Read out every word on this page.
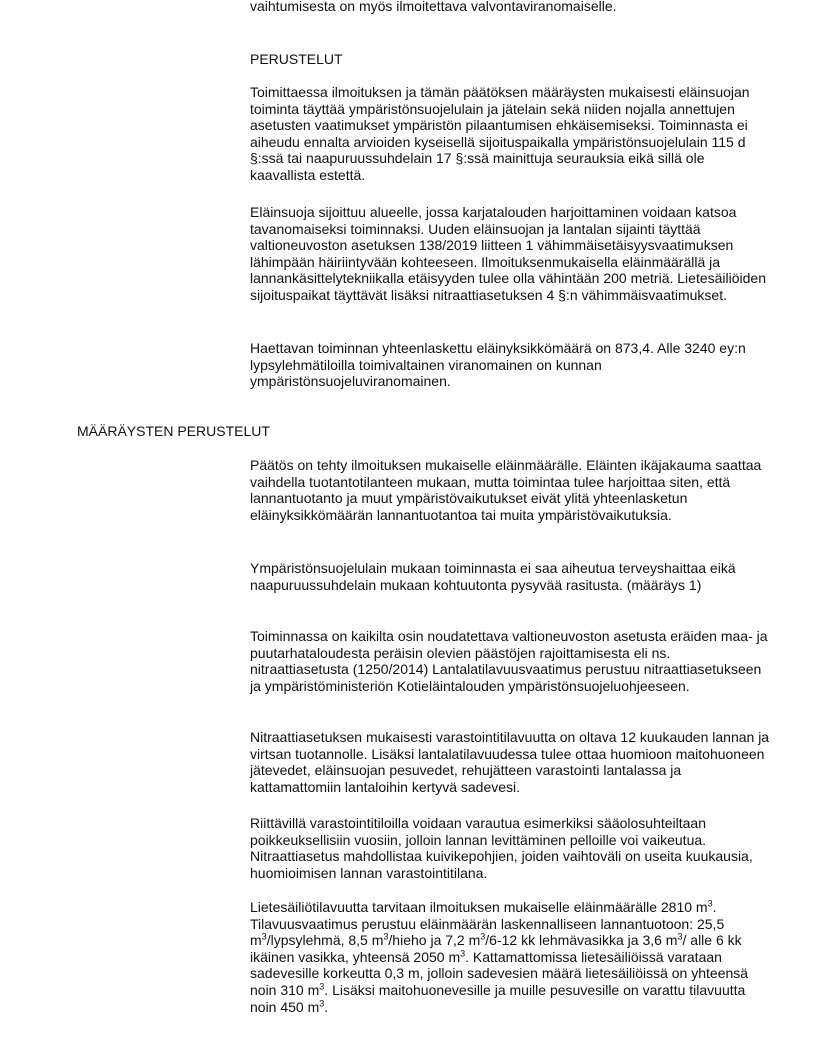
vaihtumisesta on myös ilmoitettava valvontaviranomaiselle.
PERUSTELUT

Toimittaessa ilmoituksen ja tämän päätöksen määräysten mukaisesti eläinsuojan toiminta täyttää ympäristönsuojelulain ja jätelain sekä niiden nojalla annettujen asetusten vaatimukset ympäristön pilaantumisen ehkäisemiseksi. Toiminnasta ei aiheudu ennalta arvioiden kyseisellä sijoituspaikalla ympäristönsuojelulain 115 d §:ssä tai naapuruussuhdelain 17 §:ssä mainittuja seurauksia eikä sillä ole kaavallista estettä.

Eläinsuoja sijoittuu alueelle, jossa karjatalouden harjoittaminen voidaan katsoa tavanomaiseksi toiminnaksi. Uuden eläinsuojan ja lantalan sijainti täyttää valtioneuvoston asetuksen 138/2019 liitteen 1 vähimmäisetäisyysvaatimuksen lähimpään häiriintyvään kohteeseen. Ilmoituksenmukaisella eläinmäärällä ja lannankäsittelytekniikalla etäisyyden tulee olla vähintään 200 metriä. Lietesäiliöiden sijoituspaikat täyttävät lisäksi nitraattiasetuksen 4 §:n vähimmäisvaatimukset.

Haettavan toiminnan yhteenlaskettu eläinyksikkömäärä on 873,4. Alle 3240 ey:n lypsylehmätiloilla toimivaltainen viranomainen on kunnan ympäristönsuojeluviranomainen.

MÄÄRÄYSTEN PERUSTELUT

Päätös on tehty ilmoituksen mukaiselle eläinmäärälle. Eläinten ikäjakauma saattaa vaihdella tuotantotilanteen mukaan, mutta toimintaa tulee harjoittaa siten, että lannantuotanto ja muut ympäristövaikutukset eivät ylitä yhteenlasketun eläinyksikkömäärän lannantuotantoa tai muita ympäristövaikutuksia.

Ympäristönsuojelulain mukaan toiminnasta ei saa aiheutua terveyshaittaa eikä naapuruussuhdelain mukaan kohtuutonta pysyvää rasitusta. (määräys 1)

Toiminnassa on kaikilta osin noudatettava valtioneuvoston asetusta eräiden maa- ja puutarhataloudesta peräisin olevien päästöjen rajoittamisesta eli ns. nitraattiasetusta (1250/2014) Lantalatilavuusvaatimus perustuu nitraattiasetukseen ja ympäristöministeriön Kotieläintalouden ympäristönsuojeluohjeeseen.

Nitraattiasetuksen mukaisesti varastointitilavuutta on oltava 12 kuukauden lannan ja virtsan tuotannolle. Lisäksi lantalatilavuudessa tulee ottaa huomioon maitohuoneen jätevedet, eläinsuojan pesuvedet, rehujätteen varastointi lantalassa ja kattamattomiin lantaloihin kertyvä sadevesi.

Riittävillä varastointitiloilla voidaan varautua esimerkiksi sääolosuhteiltaan poikkeuksellisiin vuosiin, jolloin lannan levittäminen pelloille voi vaikeutua. Nitraattiasetus mahdollistaa kuivikepohjien, joiden vaihtoväli on useita kuukausia, huomioimisen lannan varastointitilana.

Lietesäiliötilavuutta tarvitaan ilmoituksen mukaiselle eläinmäärälle 2810 $m^3$. Tilavuusvaatimus perustuu eläinmäärän laskennalliseen lannantuotoon: 25,5 $m^3$/lypsylehmä, 8,5 $m^3$/hieho ja 7,2 $m^3/6-12$ kk lehmävasikka ja 3,6 $m^3/$ alle 6 kk ikäinen vasikka, yhteensä 2050 $m^3$. Kattamattomissa lietesäiliöissä varataan sadevesille korkeutta 0,3 m, jolloin sadevesien määrä lietesäiliöissä on yhteensä noin 310 $m^3$. Lisäksi maitohuonevesille ja muille pesuvesille on varattu tilavuutta noin 450 $m^3$.
